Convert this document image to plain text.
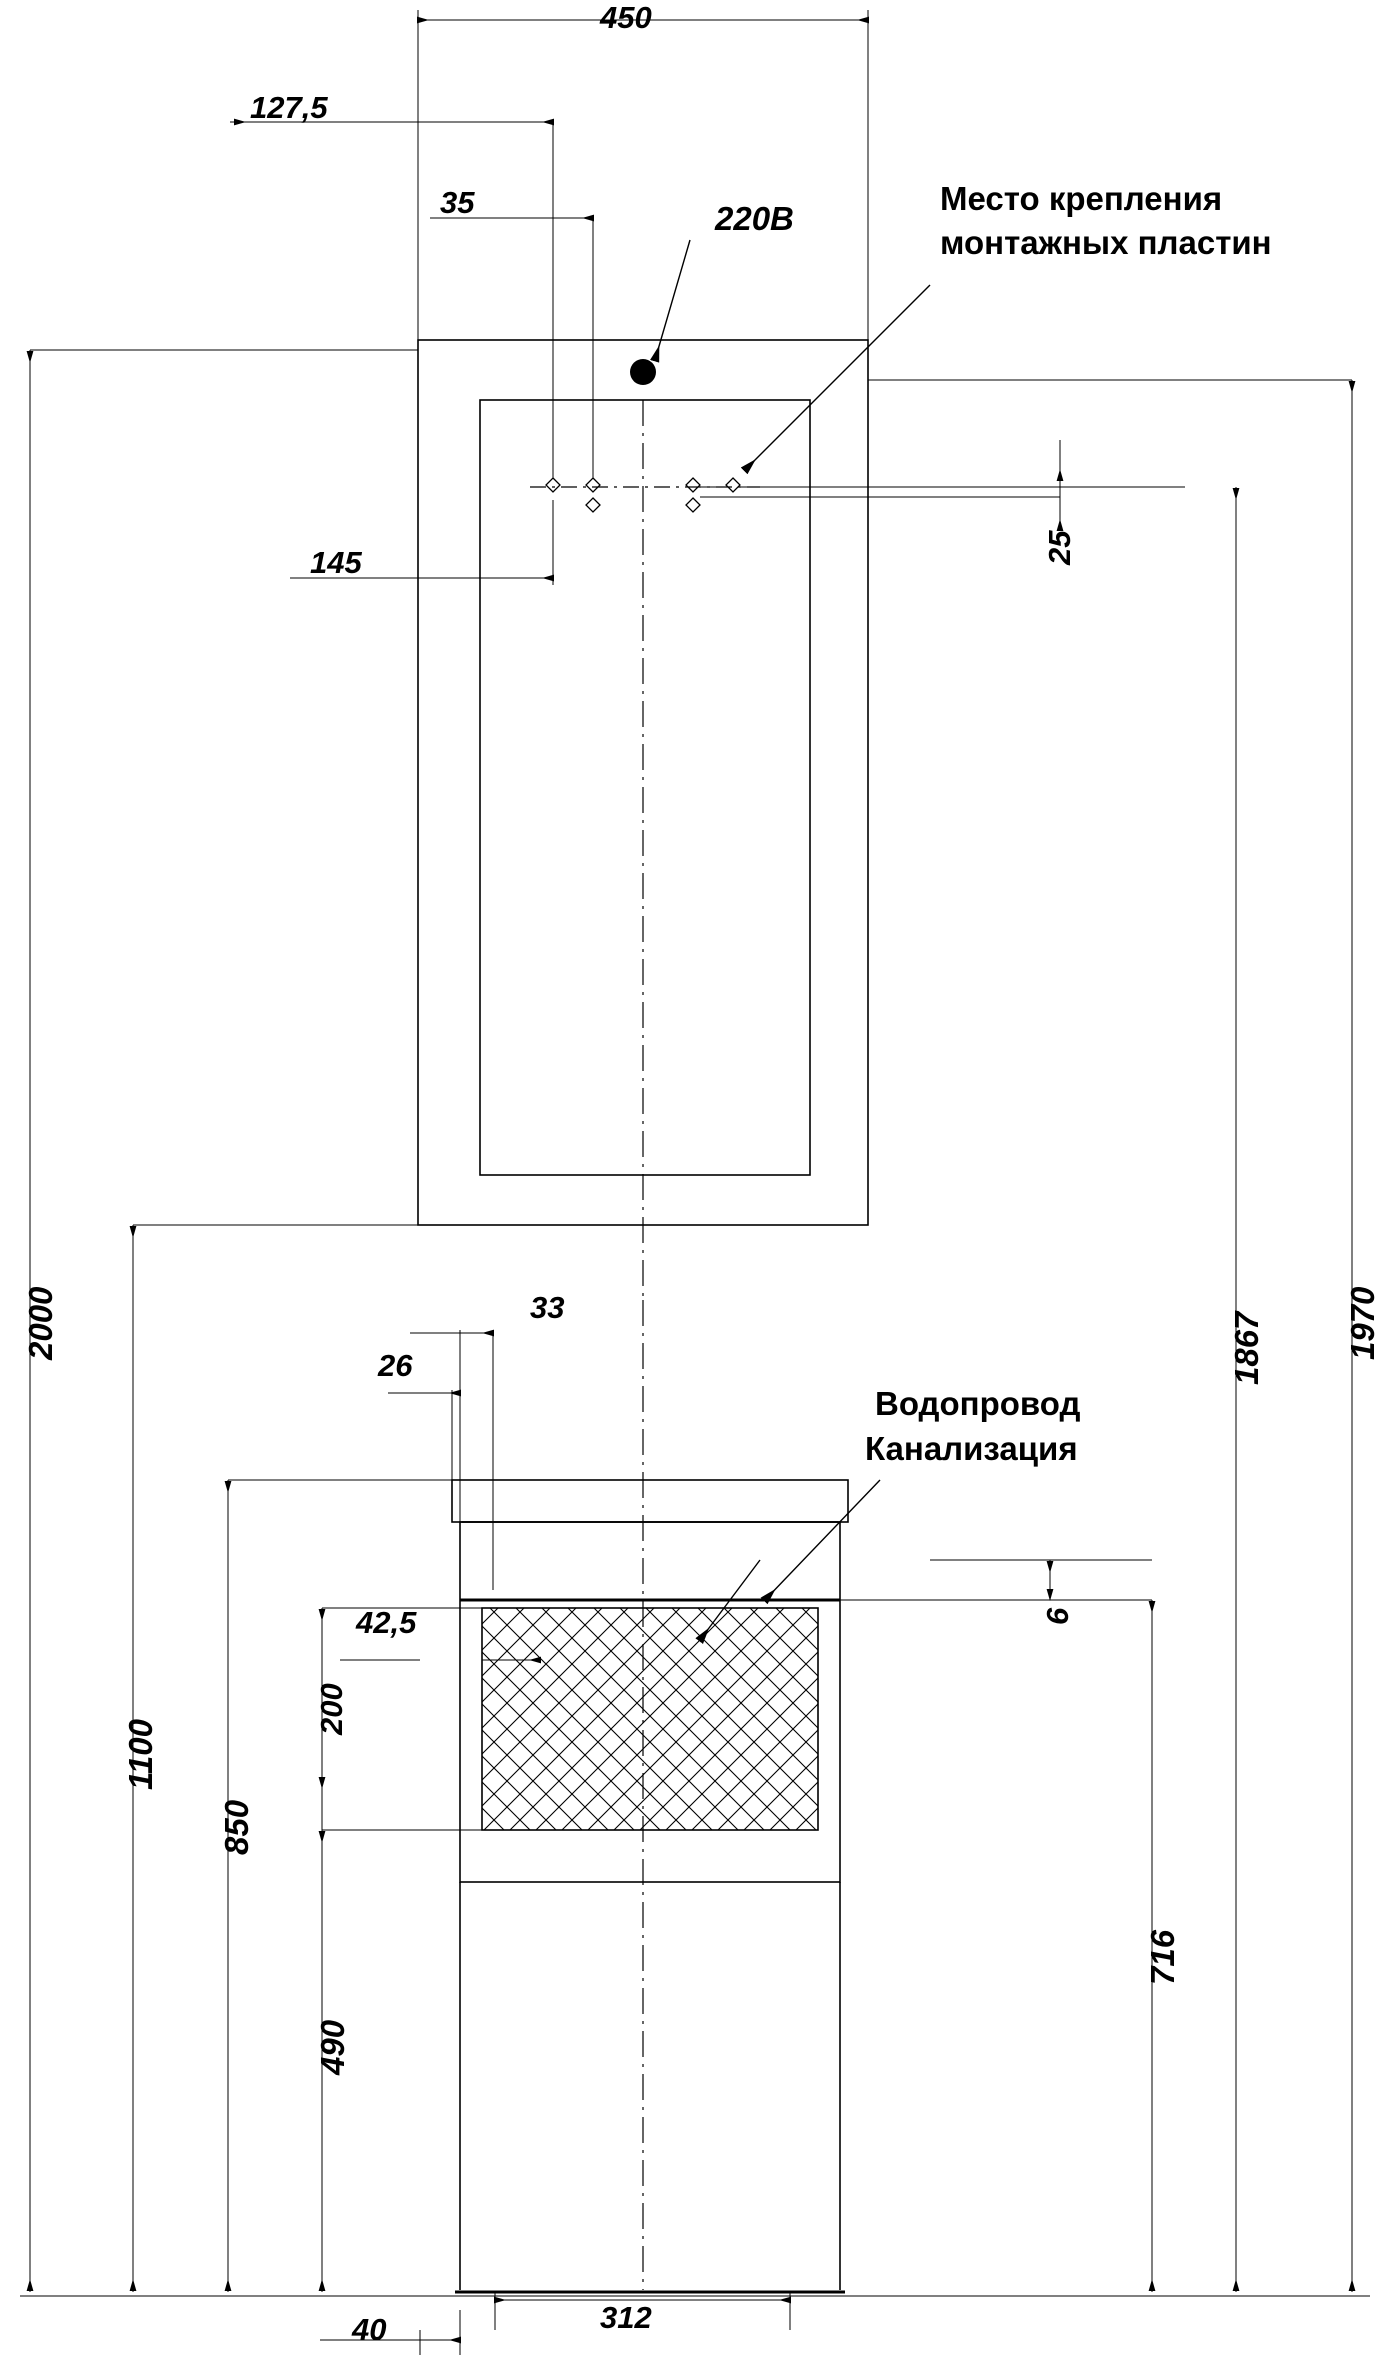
450
127,5
35
145
220В
Место крепления
монтажных пластин
25
2000	1970
1867
33
26
Водопровод
Канализация
42,5	6
200
1100
850
490
716
312
40
